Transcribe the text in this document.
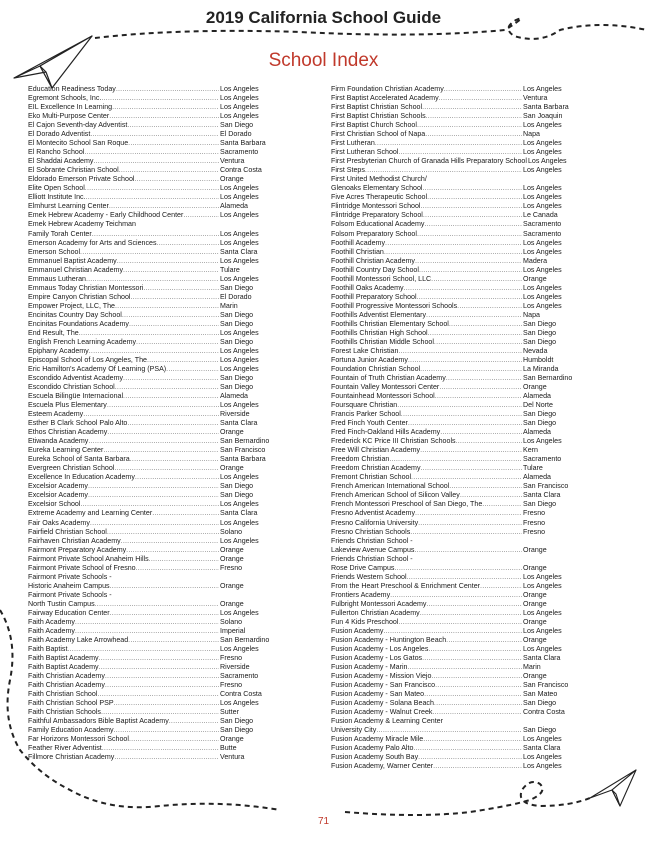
2019 California School Guide
School Index
Education Readiness Today .....	Los Angeles
Egremont Schools, Inc. .....	Los Angeles
EIL Excellence In Learning .....	Los Angeles
Eko Multi-Purpose Center .....	Los Angeles
El Cajon Seventh-day Adventist .....	San Diego
El Dorado Adventist .....	El Dorado
El Montecito School San Roque .....	Santa Barbara
El Rancho School .....	Sacramento
El Shaddai Academy .....	Ventura
El Sobrante Christian School .....	Contra Costa
Eldorado Emerson Private School .....	Orange
Elite Open School .....	Los Angeles
Elliott Institute Inc. .....	Los Angeles
Elmhurst Learning Center .....	Alameda
Emek Hebrew Academy - Early Childhood Center .....	Los Angeles
Emek Hebrew Academy Teichman
Family Torah Center .....	Los Angeles
Emerson Academy for Arts and Sciences .....	Los Angeles
Emerson School .....	Santa Clara
Emmanuel Baptist Academy .....	Los Angeles
Emmanuel Christian Academy .....	Tulare
Emmaus Lutheran .....	Los Angeles
Emmaus Today Christian Montessori .....	San Diego
Empire Canyon Christian School .....	El Dorado
Empower Project, LLC, The .....	Marin
Encinitas Country Day School .....	San Diego
Encinitas Foundations Academy .....	San Diego
End Result, The .....	Los Angeles
English French Learning Academy .....	San Diego
Epiphany Academy .....	Los Angeles
Episcopal School of Los Angeles, The .....	Los Angeles
Eric Hamilton's Academy Of Learning (PSA) .....	Los Angeles
Escondido Adventist Academy .....	San Diego
Escondido Christian School .....	San Diego
Escuela Bilingüe Internacional .....	Alameda
Escuela Plus Elementary .....	Los Angeles
Esteem Academy .....	Riverside
Esther B Clark School Palo Alto .....	Santa Clara
Ethos Christian Academy .....	Orange
Etiwanda Academy .....	San Bernardino
Eureka Learning Center .....	San Francisco
Eureka School of Santa Barbara .....	Santa Barbara
Evergreen Christian School .....	Orange
Excellence In Education Academy .....	Los Angeles
Excelsior Academy .....	San Diego
Excelsior Academy .....	San Diego
Excelsior School .....	Los Angeles
Extreme Academy and Learning Center .....	Santa Clara
Fair Oaks Academy .....	Los Angeles
Fairfield Christian School .....	Solano
Fairhaven Christian Academy .....	Los Angeles
Fairmont Preparatory Academy .....	Orange
Fairmont Private School Anaheim Hills .....	Orange
Fairmont Private School of Fresno .....	Fresno
Fairmont Private Schools -
Historic Anaheim Campus .....	Orange
Fairmont Private Schools -
North Tustin Campus .....	Orange
Fairway Education Center .....	Los Angeles
Faith Academy .....	Solano
Faith Academy .....	Imperial
Faith Academy Lake Arrowhead .....	San Bernardino
Faith Baptist .....	Los Angeles
Faith Baptist Academy .....	Fresno
Faith Baptist Academy .....	Riverside
Faith Christian Academy .....	Sacramento
Faith Christian Academy .....	Fresno
Faith Christian School .....	Contra Costa
Faith Christian School PSP .....	Los Angeles
Faith Christian Schools .....	Sutter
Faithful Ambassadors Bible Baptist Academy .....	San Diego
Family Education Academy .....	San Diego
Far Horizons Montessori School .....	Orange
Feather River Adventist .....	Butte
Fillmore Christian Academy .....	Ventura
Firm Foundation Christian Academy .....	Los Angeles
First Baptist Accelerated Academy .....	Ventura
First Baptist Christian School .....	Santa Barbara
First Baptist Christian Schools .....	San Joaquin
First Baptist Church School .....	Los Angeles
First Christian School of Napa .....	Napa
First Lutheran .....	Los Angeles
First Lutheran School .....	Los Angeles
First Presbyterian Church of Granada Hills Preparatory School Los Angeles
First Steps .....	Los Angeles
First United Methodist Church/
Glenoaks Elementary School .....	Los Angeles
Five Acres Therapeutic School .....	Los Angeles
Flintridge Montessori School .....	Los Angeles
Flintridge Preparatory School .....	Le Canada
Folsom Educational Academy .....	Sacramento
Folsom Preparatory School .....	Sacramento
Foothill Academy .....	Los Angeles
Foothill Christian .....	Los Angeles
Foothill Christian Academy .....	Madera
Foothill Country Day School .....	Los Angeles
Foothill Montessori School, LLC .....	Orange
Foothill Oaks Academy .....	Los Angeles
Foothill Preparatory School .....	Los Angeles
Foothill Progressive Montessori Schools .....	Los Angeles
Foothills Adventist Elementary .....	Napa
Foothills Christian Elementary School .....	San Diego
Foothills Christian High School .....	San Diego
Foothills Christian Middle School .....	San Diego
Forest Lake Christian .....	Nevada
Fortuna Junior Academy .....	Humboldt
Foundation Christian School .....	La Miranda
Fountain of Truth Christian Academy .....	San Bernardino
Fountain Valley Montessori Center .....	Orange
Fountainhead Montessori School .....	Alameda
Foursquare Christian .....	Del Norte
Francis Parker School .....	San Diego
Fred Finch Youth Center .....	San Diego
Fred Finch-Oakland Hills Academy .....	Alameda
Frederick KC Price III Christian Schools .....	Los Angeles
Free Will Christian Academy .....	Kern
Freedom Christian .....	Sacramento
Freedom Christian Academy .....	Tulare
Fremont Christian School .....	Alameda
French American International School .....	San Francisco
French American School of Silicon Valley .....	Santa Clara
French Montessori Preschool of San Diego, The .....	San Diego
Fresno Adventist Academy .....	Fresno
Fresno California University .....	Fresno
Fresno Christian Schools .....	Fresno
Friends Christian School -
Lakeview Avenue Campus .....	Orange
Friends Christian School -
Rose Drive Campus .....	Orange
Friends Western School .....	Los Angeles
From the Heart Preschool & Enrichment Center .....	Los Angeles
Frontiers Academy .....	Orange
Fulbright Montessori Academy .....	Orange
Fullerton Christian Academy .....	Los Angeles
Fun 4 Kids Preschool .....	Orange
Fusion Academy .....	Los Angeles
Fusion Academy - Huntington Beach .....	Orange
Fusion Academy - Los Angeles .....	Los Angeles
Fusion Academy - Los Gatos .....	Santa Clara
Fusion Academy - Marin .....	Marin
Fusion Academy - Mission Viejo .....	Orange
Fusion Academy - San Francisco .....	San Francisco
Fusion Academy - San Mateo .....	San Mateo
Fusion Academy - Solana Beach .....	San Diego
Fusion Academy - Walnut Creek .....	Contra Costa
Fusion Academy & Learning Center
University City .....	San Diego
Fusion Academy Miracle Mile .....	Los Angeles
Fusion Academy Palo Alto .....	Santa Clara
Fusion Academy South Bay .....	Los Angeles
Fusion Academy, Warner Center .....	Los Angeles
71
